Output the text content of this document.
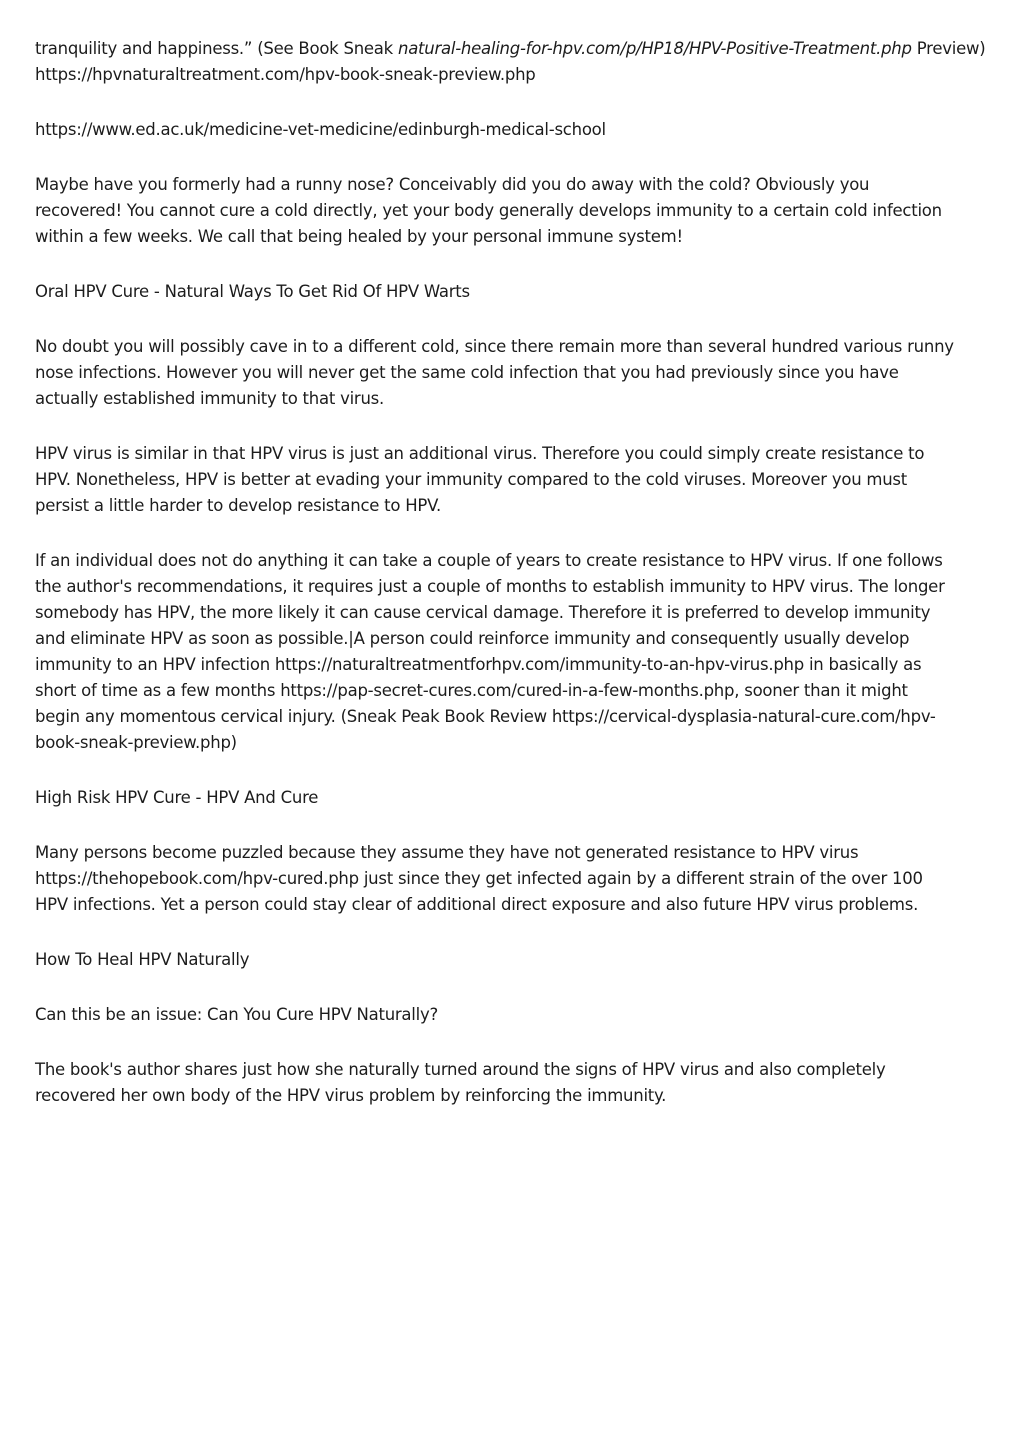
tranquility and happiness.” (See Book Sneak natural-healing-for-hpv.com/p/HP18/HPV-Positive-Treatment.php Preview) https://hpvnaturaltreatment.com/hpv-book-sneak-preview.php

https://www.ed.ac.uk/medicine-vet-medicine/edinburgh-medical-school

Maybe have you formerly had a runny nose? Conceivably did you do away with the cold? Obviously you
recovered! You cannot cure a cold directly, yet your body generally develops immunity to a certain cold infection
within a few weeks. We call that being healed by your personal immune system!

Oral HPV Cure - Natural Ways To Get Rid Of HPV Warts

No doubt you will possibly cave in to a different cold, since there remain more than several hundred various runny
nose infections. However you will never get the same cold infection that you had previously since you have
actually established immunity to that virus.

HPV virus is similar in that HPV virus is just an additional virus. Therefore you could simply create resistance to
HPV. Nonetheless, HPV is better at evading your immunity compared to the cold viruses. Moreover you must
persist a little harder to develop resistance to HPV.

If an individual does not do anything it can take a couple of years to create resistance to HPV virus. If one follows
the author's recommendations, it requires just a couple of months to establish immunity to HPV virus. The longer
somebody has HPV, the more likely it can cause cervical damage. Therefore it is preferred to develop immunity
and eliminate HPV as soon as possible.|A person could reinforce immunity and consequently usually develop
immunity to an HPV infection https://naturaltreatmentforhpv.com/immunity-to-an-hpv-virus.php in basically as
short of time as a few months https://pap-secret-cures.com/cured-in-a-few-months.php, sooner than it might
begin any momentous cervical injury. (Sneak Peak Book Review https://cervical-dysplasia-natural-cure.com/hpv-
book-sneak-preview.php)

High Risk HPV Cure - HPV And Cure

Many persons become puzzled because they assume they have not generated resistance to HPV virus
https://thehopebook.com/hpv-cured.php just since they get infected again by a different strain of the over 100
HPV infections. Yet a person could stay clear of additional direct exposure and also future HPV virus problems.

How To Heal HPV Naturally

Can this be an issue: Can You Cure HPV Naturally?

The book's author shares just how she naturally turned around the signs of HPV virus and also completely
recovered her own body of the HPV virus problem by reinforcing the immunity.
